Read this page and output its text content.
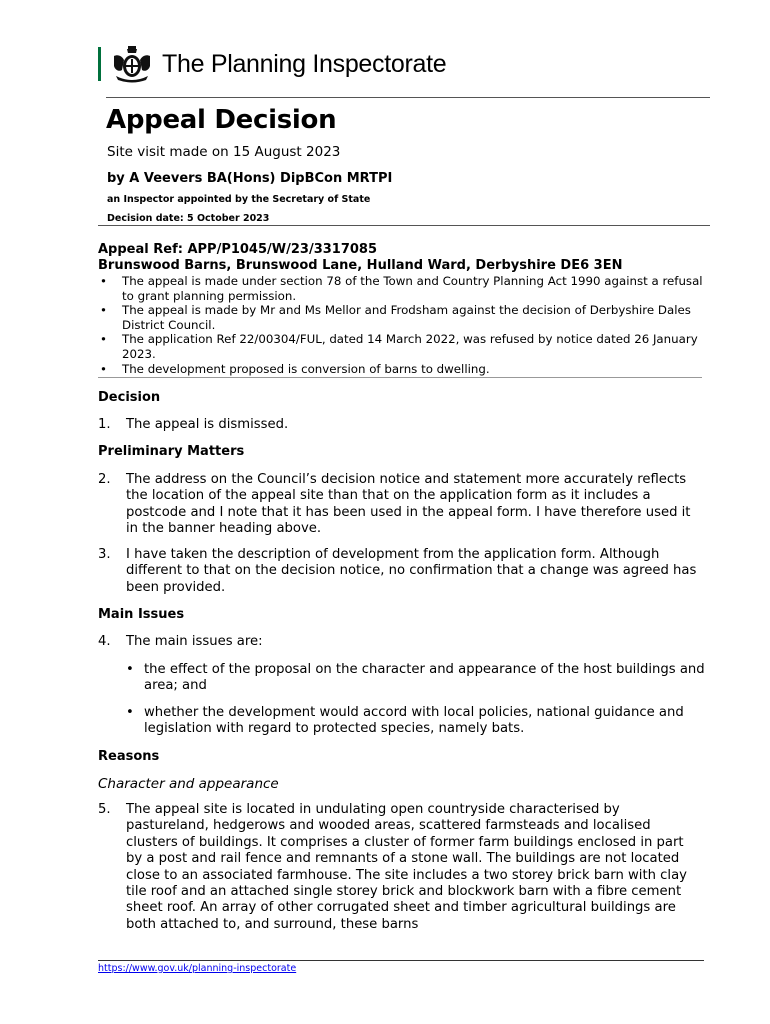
The Planning Inspectorate
Appeal Decision
Site visit made on 15 August 2023
by A Veevers BA(Hons) DipBCon MRTPI
an Inspector appointed by the Secretary of State
Decision date: 5 October 2023
Appeal Ref: APP/P1045/W/23/3317085
Brunswood Barns, Brunswood Lane, Hulland Ward, Derbyshire DE6 3EN
• The appeal is made under section 78 of the Town and Country Planning Act 1990 against a refusal to grant planning permission.
• The appeal is made by Mr and Ms Mellor and Frodsham against the decision of Derbyshire Dales District Council.
• The application Ref 22/00304/FUL, dated 14 March 2022, was refused by notice dated 26 January 2023.
• The development proposed is conversion of barns to dwelling.
Decision
1. The appeal is dismissed.
Preliminary Matters
2. The address on the Council’s decision notice and statement more accurately reflects the location of the appeal site than that on the application form as it includes a postcode and I note that it has been used in the appeal form. I have therefore used it in the banner heading above.
3. I have taken the description of development from the application form. Although different to that on the decision notice, no confirmation that a change was agreed has been provided.
Main Issues
4. The main issues are:
• the effect of the proposal on the character and appearance of the host buildings and area; and
• whether the development would accord with local policies, national guidance and legislation with regard to protected species, namely bats.
Reasons
Character and appearance
5. The appeal site is located in undulating open countryside characterised by pastureland, hedgerows and wooded areas, scattered farmsteads and localised clusters of buildings. It comprises a cluster of former farm buildings enclosed in part by a post and rail fence and remnants of a stone wall. The buildings are not located close to an associated farmhouse. The site includes a two storey brick barn with clay tile roof and an attached single storey brick and blockwork barn with a fibre cement sheet roof. An array of other corrugated sheet and timber agricultural buildings are both attached to, and surround, these barns
https://www.gov.uk/planning-inspectorate
